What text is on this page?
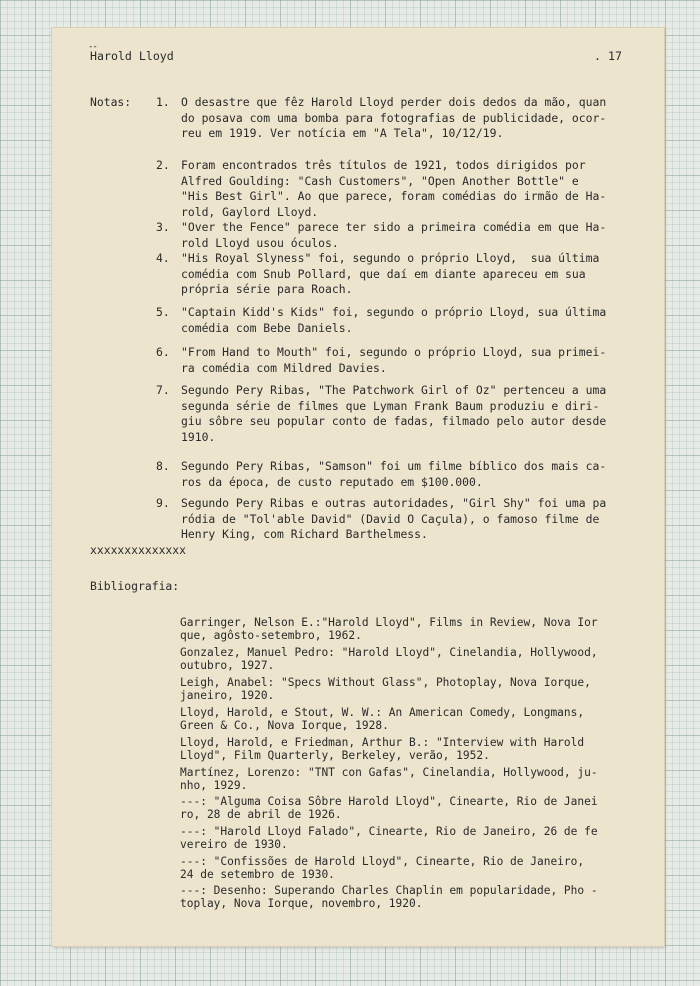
--
Harold Lloyd	. 17
Notas: 1. O desastre que fêz Harold Lloyd perder dois dedos da mão, quan
do posava com uma bomba para fotografias de publicidade, ocor-
reu em 1919. Ver notícia em "A Tela", 10/12/19.
2. Foram encontrados três títulos de 1921, todos dirigidos por
Alfred Goulding: "Cash Customers", "Open Another Bottle" e
"His Best Girl". Ao que parece, foram comédias do irmão de Ha-
rold, Gaylord Lloyd.
3. "Over the Fence" parece ter sido a primeira comédia em que Ha-
rold Lloyd usou óculos.
4. "His Royal Slyness" foi, segundo o próprio Lloyd,  sua última
comédia com Snub Pollard, que daí em diante apareceu em sua
própria série para Roach.
5. "Captain Kidd's Kids" foi, segundo o próprio Lloyd, sua última
comédia com Bebe Daniels.
6. "From Hand to Mouth" foi, segundo o próprio Lloyd, sua primei-
ra comédia com Mildred Davies.
7. Segundo Pery Ribas, "The Patchwork Girl of Oz" pertenceu a uma
segunda série de filmes que Lyman Frank Baum produziu e diri-
giu sôbre seu popular conto de fadas, filmado pelo autor desde
1910.
8. Segundo Pery Ribas, "Samson" foi um filme bíblico dos mais ca-
ros da época, de custo reputado em $100.000.
9. Segundo Pery Ribas e outras autoridades, "Girl Shy" foi uma pa
ródia de "Tol'able David" (David O Caçula), o famoso filme de
Henry King, com Richard Barthelmess.
xxxxxxxxxxxxxx
Bibliografia:
Garringer, Nelson E.:"Harold Lloyd", Films in Review, Nova Ior
que, agôsto-setembro, 1962.
Gonzalez, Manuel Pedro: "Harold Lloyd", Cinelandia, Hollywood,
outubro, 1927.
Leigh, Anabel: "Specs Without Glass", Photoplay, Nova Iorque,
janeiro, 1920.
Lloyd, Harold, e Stout, W. W.: An American Comedy, Longmans,
Green & Co., Nova Iorque, 1928.
Lloyd, Harold, e Friedman, Arthur B.: "Interview with Harold
Lloyd", Film Quarterly, Berkeley, verão, 1952.
Martínez, Lorenzo: "TNT con Gafas", Cinelandia, Hollywood, ju-
nho, 1929.
---: "Alguma Coisa Sôbre Harold Lloyd", Cinearte, Rio de Janei
ro, 28 de abril de 1926.
---: "Harold Lloyd Falado", Cinearte, Rio de Janeiro, 26 de fe
vereiro de 1930.
---: "Confissões de Harold Lloyd", Cinearte, Rio de Janeiro,
24 de setembro de 1930.
---: Desenho: Superando Charles Chaplin em popularidade, Pho -
toplay, Nova Iorque, novembro, 1920.
